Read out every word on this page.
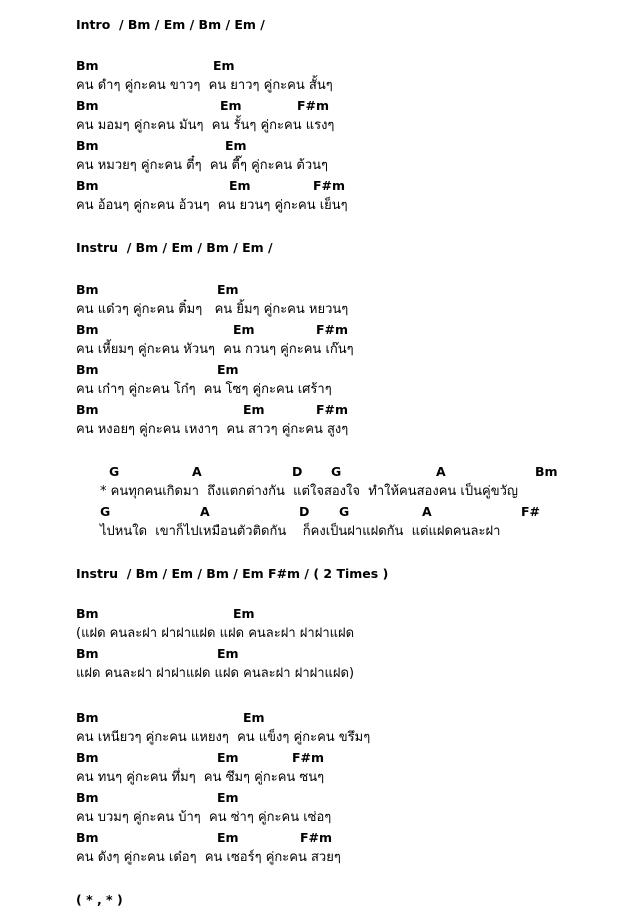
Intro  / Bm / Em / Bm / Em /
Bm	Em
คน ดำๆ คู่กะคน ขาวๆ  คน ยาวๆ คู่กะคน สั้นๆ
Bm	Em	F#m
คน มอมๆ คู่กะคน มันๆ  คน รั้นๆ คู่กะคน แรงๆ
Bm	Em
คน หมวยๆ คู่กะคน ตี๋ๆ  คน ตี๊ๆ คู่กะคน ต้วนๆ
Bm	Em	F#m
คน อ้อนๆ คู่กะคน อ้วนๆ  คน ยวนๆ คู่กะคน เย็นๆ
Instru  / Bm / Em / Bm / Em /
Bm	Em
คน แด๋วๆ คู่กะคน ติ๋มๆ   คน ยิ้มๆ คู่กะคน หยวนๆ
Bm	Em	F#m
คน เหี้ยมๆ คู่กะคน หัวนๆ  คน กวนๆ คู่กะคน เก๊นๆ
Bm	Em
คน เก๋าๆ คู่กะคน โก๋ๆ  คน โซๆ คู่กะคน เศร้าๆ
Bm	Em	F#m
คน หงอยๆ คู่กะคน เหงาๆ  คน สาวๆ คู่กะคน สูงๆ
G	A	D G	A	Bm
* คนทุกคนเกิดมา  ถึงแตกต่างกัน  แต่ใจสองใจ  ทำให้คนสองคน เป็นคู่ขวัญ
G	A	D G	A	F#
ไปหนใด  เขาก็ไปเหมือนตัวติดกัน    ก็คงเป็นฝาแฝดกัน  แต่แฝดคนละฝา
Instru  / Bm / Em / Bm / Em F#m / ( 2 Times )
Bm	Em
(แฝด คนละฝา ฝาฝาแฝด แฝด คนละฝา ฝาฝาแฝด
Bm	Em
แฝด คนละฝา ฝาฝาแฝด แฝด คนละฝา ฝาฝาแฝด)
Bm	Em
คน เหนียวๆ คู่กะคน แหยงๆ  คน แข็งๆ คู่กะคน ขรึมๆ
Bm	Em	F#m
คน ทนๆ คู่กะคน ทึ่มๆ  คน ซึมๆ คู่กะคน ซนๆ
Bm	Em
คน บวมๆ คู่กะคน บ้าๆ  คน ซ่าๆ คู่กะคน เซ่อๆ
Bm	Em	F#m
คน ดังๆ คู่กะคน เด๋อๆ  คน เซอร์ๆ คู่กะคน สวยๆ
( * , * )
